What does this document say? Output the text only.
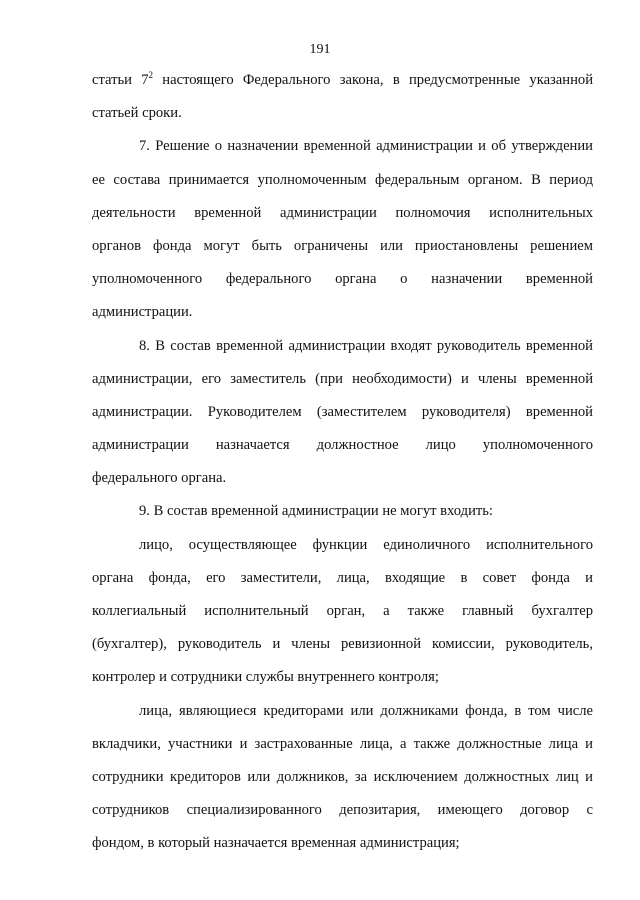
191
статьи $7^2$ настоящего Федерального закона, в предусмотренные указанной
статьей сроки.
7. Решение о назначении временной администрации и об утверждении
ее состава принимается уполномоченным федеральным органом. В период
деятельности временной администрации полномочия исполнительных
органов фонда могут быть ограничены или приостановлены решением
уполномоченного федерального органа о назначении временной
администрации.
8. В состав временной администрации входят руководитель временной
администрации, его заместитель (при необходимости) и члены временной
администрации. Руководителем (заместителем руководителя) временной
администрации назначается должностное лицо уполномоченного
федерального органа.
9. В состав временной администрации не могут входить:
лицо, осуществляющее функции единоличного исполнительного
органа фонда, его заместители, лица, входящие в совет фонда и
коллегиальный исполнительный орган, а также главный бухгалтер
(бухгалтер), руководитель и члены ревизионной комиссии, руководитель,
контролер и сотрудники службы внутреннего контроля;
лица, являющиеся кредиторами или должниками фонда, в том числе
вкладчики, участники и застрахованные лица, а также должностные лица и
сотрудники кредиторов или должников, за исключением должностных лиц и
сотрудников специализированного депозитария, имеющего договор с
фондом, в который назначается временная администрация;
